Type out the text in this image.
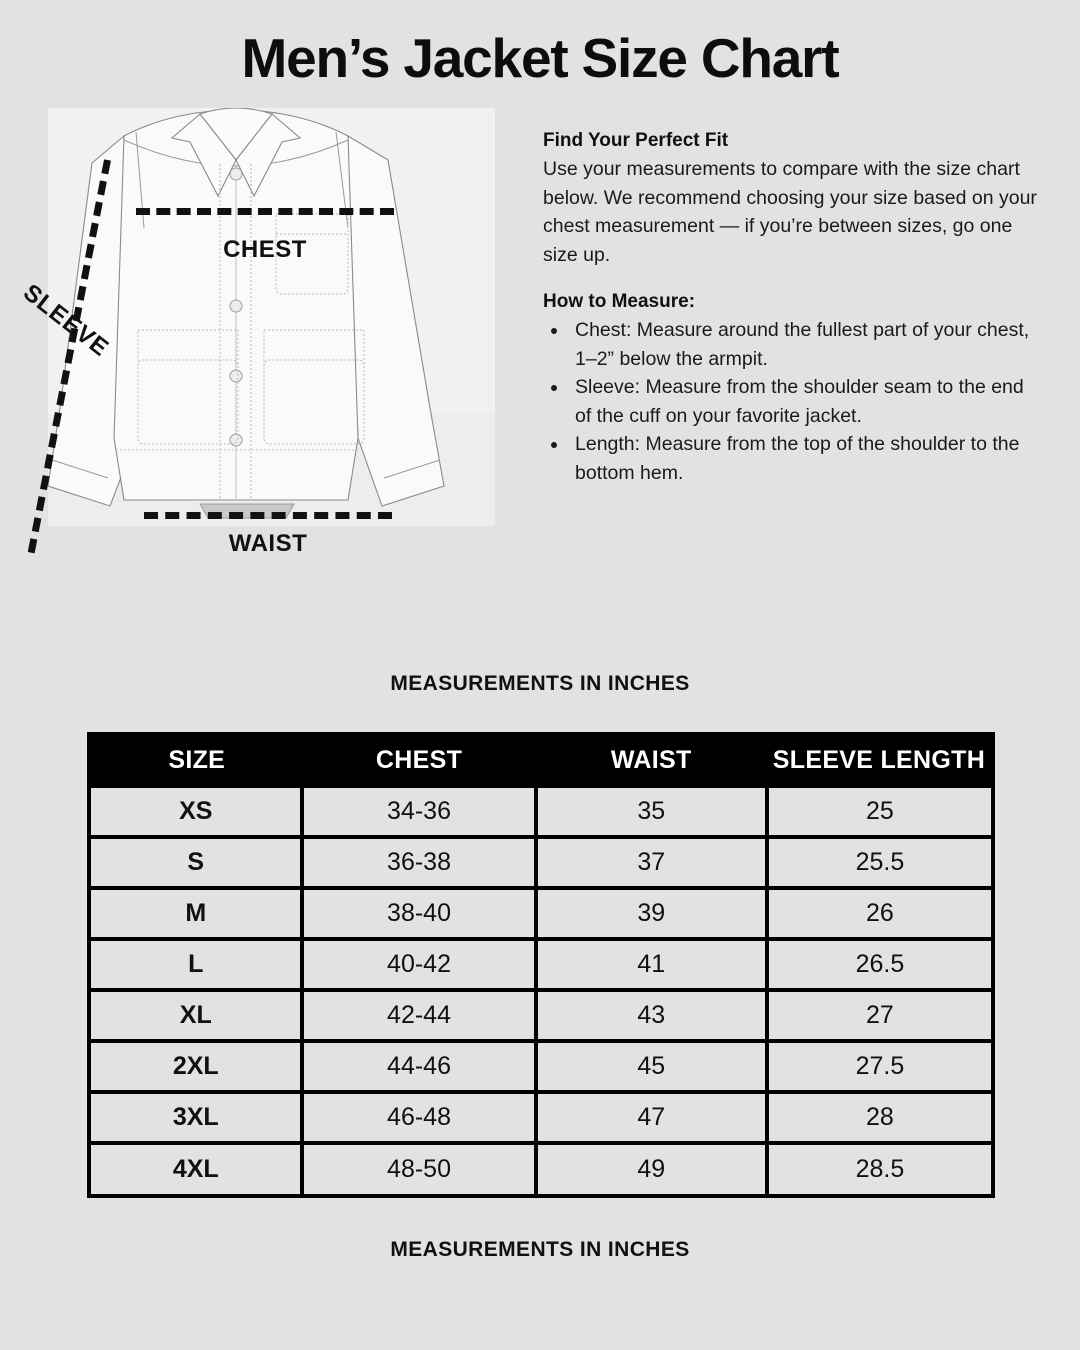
Men’s Jacket Size Chart
CHEST
WAIST
SLEEVE
Find Your Perfect Fit

Use your measurements to compare with the size chart below. We recommend choosing your size based on your chest measurement — if you’re between sizes, go one size up.

How to Measure:
• Chest: Measure around the fullest part of your chest, 1–2” below the armpit.
• Sleeve: Measure from the shoulder seam to the end of the cuff on your favorite jacket.
• Length: Measure from the top of the shoulder to the bottom hem.
MEASUREMENTS IN INCHES
SIZE	CHEST	WAIST	SLEEVE LENGTH
XS	34-36	35	25
S	36-38	37	25.5
M	38-40	39	26
L	40-42	41	26.5
XL	42-44	43	27
2XL	44-46	45	27.5
3XL	46-48	47	28
4XL	48-50	49	28.5
MEASUREMENTS IN INCHES
